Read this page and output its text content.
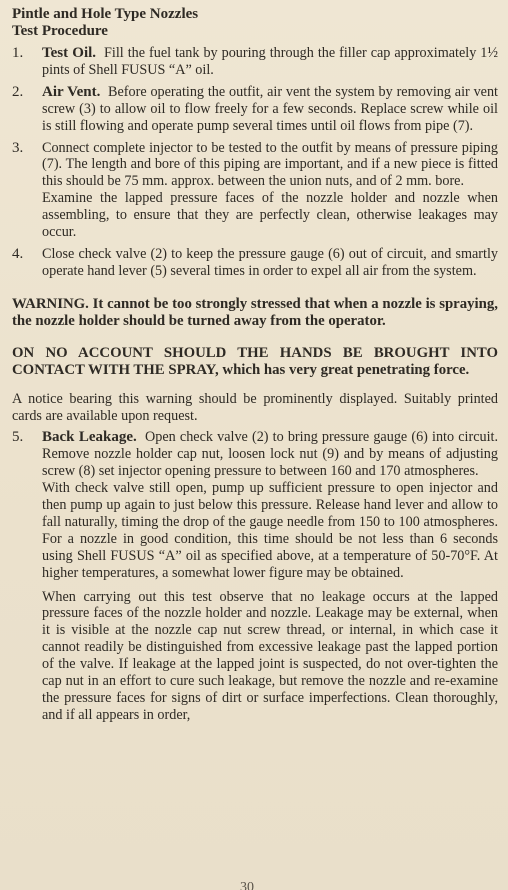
Pintle and Hole Type Nozzles
Test Procedure
1.	Test Oil. Fill the fuel tank by pouring through the filler cap approximately 1½ pints of Shell FUSUS “A” oil.

2.	Air Vent. Before operating the outfit, air vent the system by removing air vent screw (3) to allow oil to flow freely for a few seconds. Replace screw while oil is still flowing and operate pump several times until oil flows from pipe (7).

3.	Connect complete injector to be tested to the outfit by means of pressure piping (7). The length and bore of this piping are important, and if a new piece is fitted this should be 75 mm. approx. between the union nuts, and of 2 mm. bore.

Examine the lapped pressure faces of the nozzle holder and nozzle when assembling, to ensure that they are perfectly clean, otherwise leakages may occur.

4.	Close check valve (2) to keep the pressure gauge (6) out of circuit, and smartly operate hand lever (5) several times in order to expel all air from the system.

WARNING. It cannot be too strongly stressed that when a nozzle is spraying, the nozzle holder should be turned away from the operator.

ON NO ACCOUNT SHOULD THE HANDS BE BROUGHT INTO CONTACT WITH THE SPRAY, which has very great penetrating force.

A notice bearing this warning should be prominently displayed. Suitably printed cards are available upon request.

5.	Back Leakage. Open check valve (2) to bring pressure gauge (6) into circuit. Remove nozzle holder cap nut, loosen lock nut (9) and by means of adjusting screw (8) set injector opening pressure to between 160 and 170 atmospheres.

With check valve still open, pump up sufficient pressure to open injector and then pump up again to just below this pressure. Release hand lever and allow to fall naturally, timing the drop of the gauge needle from 150 to 100 atmospheres. For a nozzle in good condition, this time should be not less than 6 seconds using Shell FUSUS “A” oil as specified above, at a temperature of 50-70°F. At higher temperatures, a somewhat lower figure may be obtained.

When carrying out this test observe that no leakage occurs at the lapped pressure faces of the nozzle holder and nozzle. Leakage may be external, when it is visible at the nozzle cap nut screw thread, or internal, in which case it cannot readily be distinguished from excessive leakage past the lapped portion of the valve. If leakage at the lapped joint is suspected, do not over-tighten the cap nut in an effort to cure such leakage, but remove the nozzle and re-examine the pressure faces for signs of dirt or surface imperfections. Clean thoroughly, and if all appears in order,

30
